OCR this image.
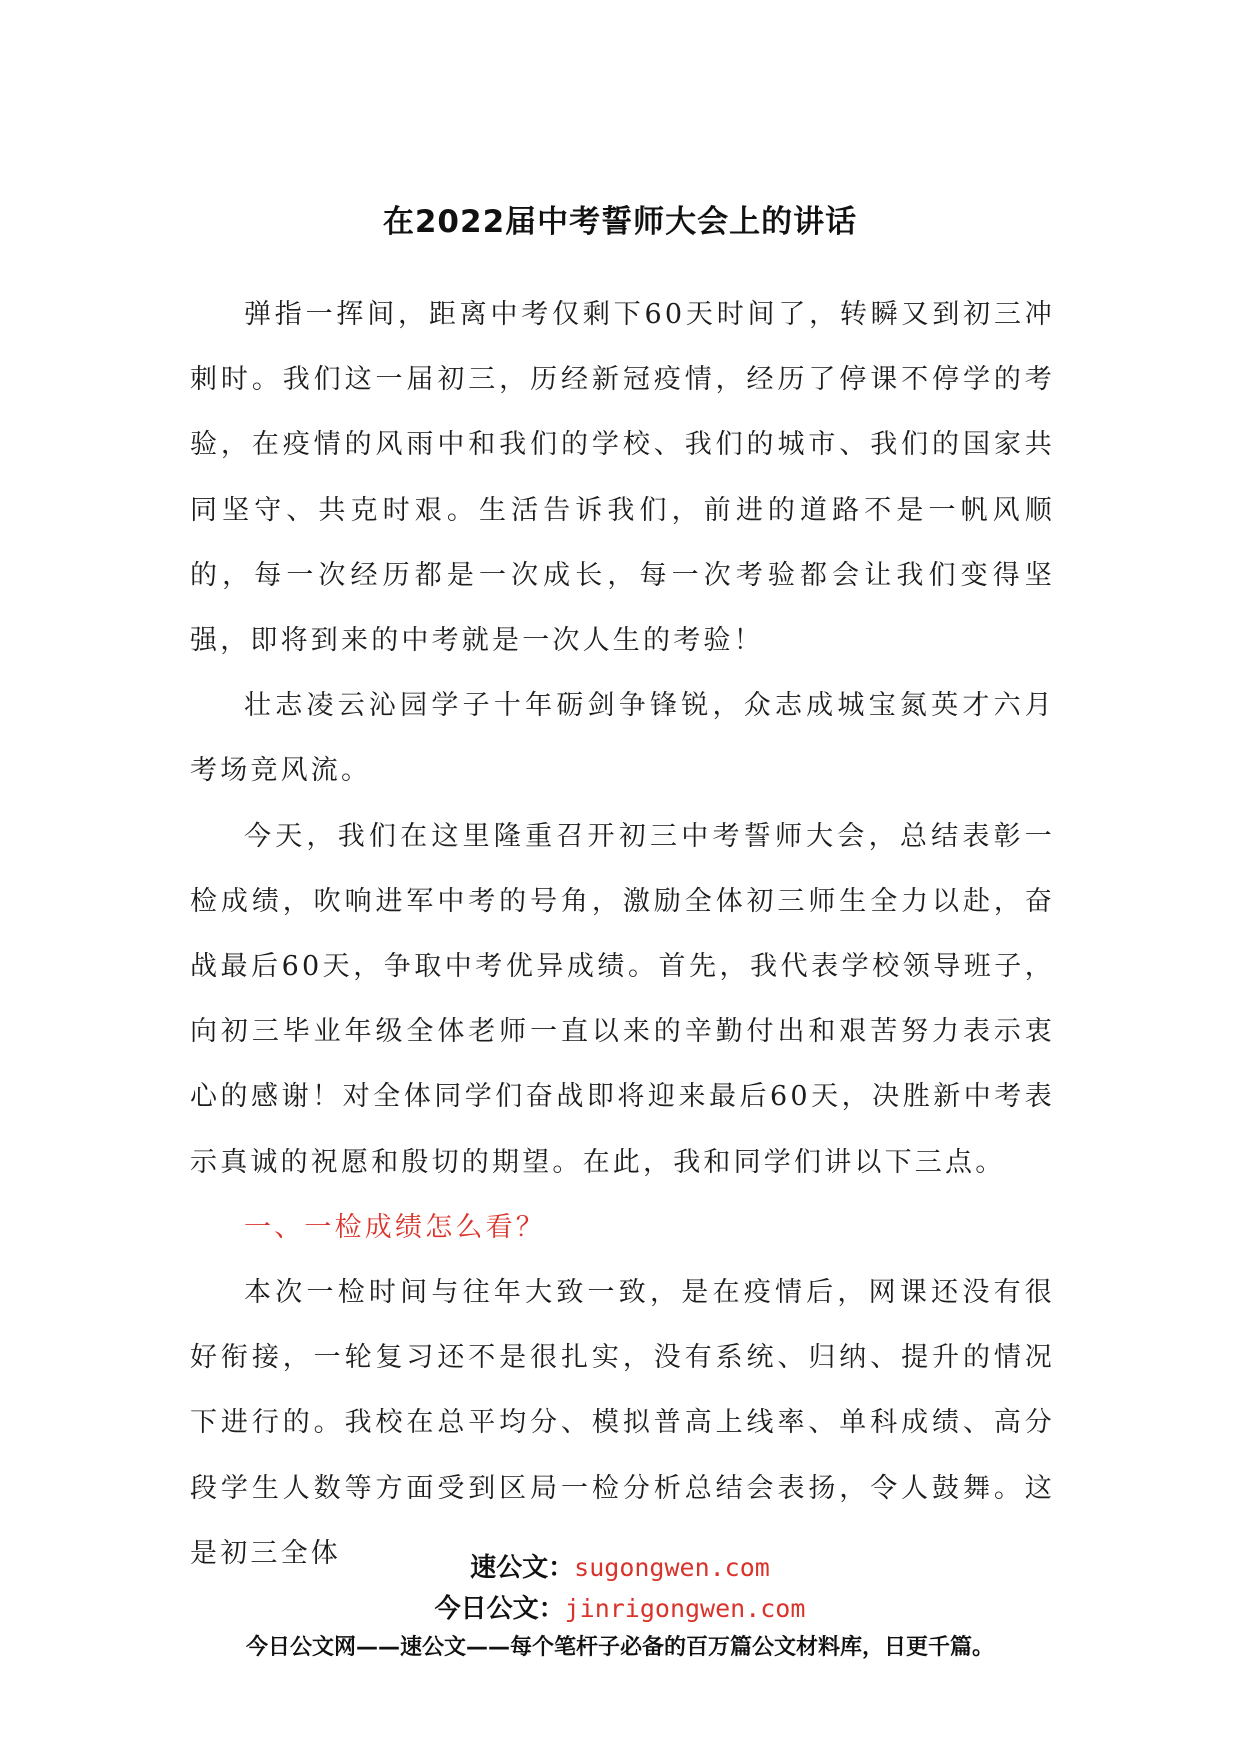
在2022届中考誓师大会上的讲话

弹指一挥间，距离中考仅剩下60天时间了，转瞬又到初三冲刺时。我们这一届初三，历经新冠疫情，经历了停课不停学的考验，在疫情的风雨中和我们的学校、我们的城市、我们的国家共同坚守、共克时艰。生活告诉我们，前进的道路不是一帆风顺的，每一次经历都是一次成长，每一次考验都会让我们变得坚强，即将到来的中考就是一次人生的考验！

壮志凌云沁园学子十年砺剑争锋锐，众志成城宝氮英才六月考场竞风流。

今天，我们在这里隆重召开初三中考誓师大会，总结表彰一检成绩，吹响进军中考的号角，激励全体初三师生全力以赴，奋战最后60天，争取中考优异成绩。首先，我代表学校领导班子，向初三毕业年级全体老师一直以来的辛勤付出和艰苦努力表示衷心的感谢！对全体同学们奋战即将迎来最后60天，决胜新中考表示真诚的祝愿和殷切的期望。在此，我和同学们讲以下三点。

一、一检成绩怎么看？

本次一检时间与往年大致一致，是在疫情后，网课还没有很好衔接，一轮复习还不是很扎实，没有系统、归纳、提升的情况下进行的。我校在总平均分、模拟普高上线率、单科成绩、高分段学生人数等方面受到区局一检分析总结会表扬，令人鼓舞。这是初三全体	速公文：sugongwen.com
今日公文：jinrigongwen.com
今日公文网——速公文——每个笔杆子必备的百万篇公文材料库，日更千篇。
